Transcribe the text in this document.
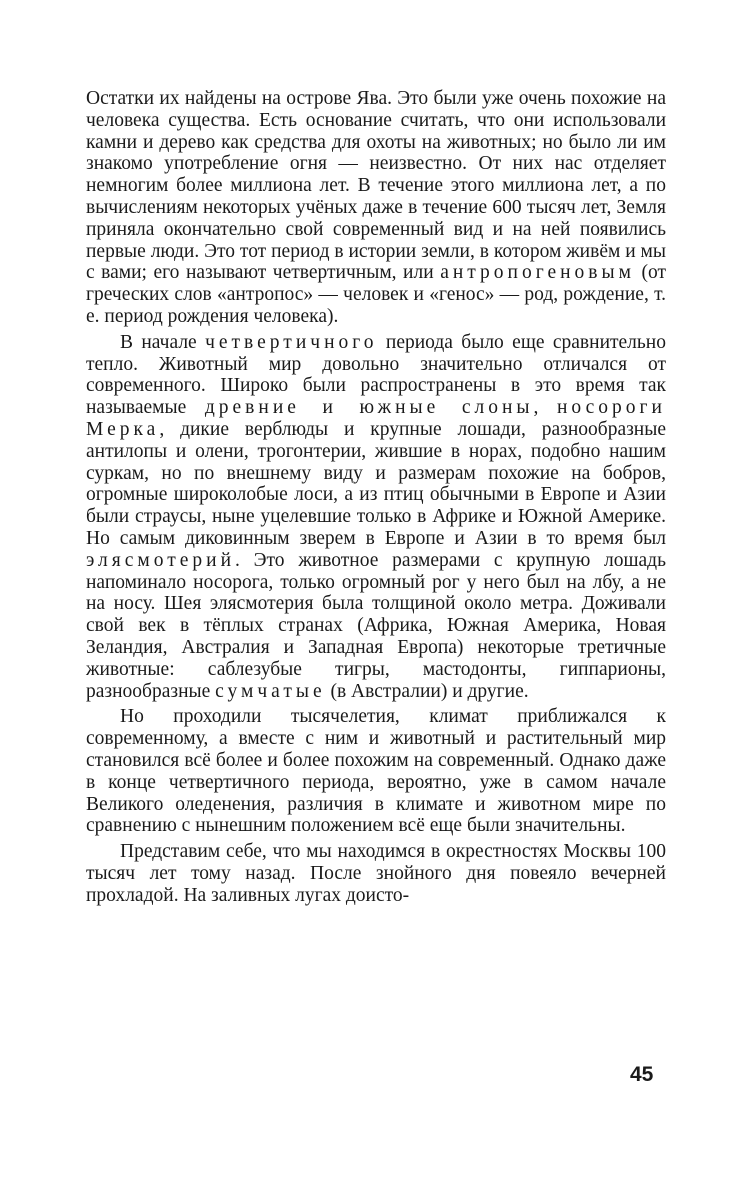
Остатки их найдены на острове Ява. Это были уже очень похожие на человека существа. Есть основание считать, что они использовали камни и дерево как средства для охоты на животных; но было ли им знакомо употребление огня — неизвестно. От них нас отделяет немногим более миллиона лет. В течение этого миллиона лет, а по вычислениям некоторых учёных даже в течение 600 тысяч лет, Земля приняла окончательно свой современный вид и на ней появились первые люди. Это тот период в истории земли, в котором живём и мы с вами; его называют четвертичным, или антропогеновым (от греческих слов «антропос» — человек и «генос» — род, рождение, т. е. период рождения человека).

В начале четвертичного периода было еще сравнительно тепло. Животный мир довольно значительно отличался от современного. Широко были распространены в это время так называемые древние и южные слоны, носороги Мерка, дикие верблюды и крупные лошади, разнообразные антилопы и олени, трогонтерии, жившие в норах, подобно нашим суркам, но по внешнему виду и размерам похожие на бобров, огромные широколобые лоси, а из птиц обычными в Европе и Азии были страусы, ныне уцелевшие только в Африке и Южной Америке. Но самым диковинным зверем в Европе и Азии в то время был элясмотерий. Это животное размерами с крупную лошадь напоминало носорога, только огромный рог у него был на лбу, а не на носу. Шея элясмотерия была толщиной около метра. Доживали свой век в тёплых странах (Африка, Южная Америка, Новая Зеландия, Австралия и Западная Европа) некоторые третичные животные: саблезубые тигры, мастодонты, гиппарионы, разнообразные сумчатые (в Австралии) и другие.

Но проходили тысячелетия, климат приближался к современному, а вместе с ним и животный и растительный мир становился всё более и более похожим на современный. Однако даже в конце четвертичного периода, вероятно, уже в самом начале Великого оледенения, различия в климате и животном мире по сравнению с нынешним положением всё еще были значительны.

Представим себе, что мы находимся в окрестностях Москвы 100 тысяч лет тому назад. После знойного дня повеяло вечерней прохладой. На заливных лугах доисто-

45
